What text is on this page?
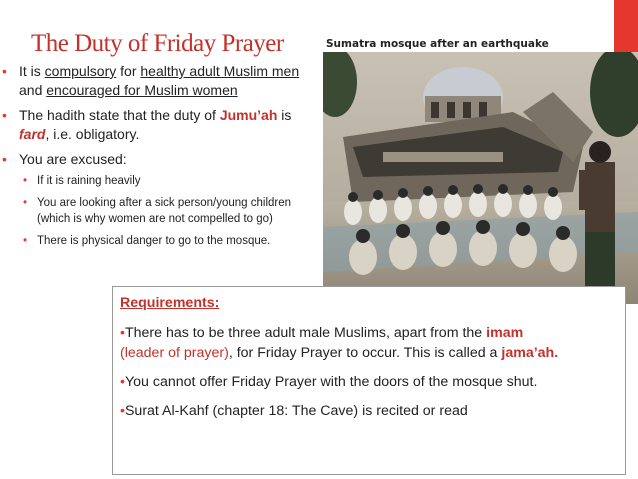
The Duty of Friday Prayer	Sumatra mosque after an earthquake
• It is compulsory for healthy adult Muslim men and encouraged for Muslim women
• The hadith state that the duty of Jumu’ah is fard, i.e. obligatory.
• You are excused:
• If it is raining heavily
• You are looking after a sick person/young children (which is why women are not compelled to go)
• There is physical danger to go to the mosque.
Requirements:

•There has to be three adult male Muslims, apart from the imam
(leader of prayer), for Friday Prayer to occur. This is called a jama’ah.

•You cannot offer Friday Prayer with the doors of the mosque shut.

•Surat Al-Kahf (chapter 18: The Cave) is recited or read
